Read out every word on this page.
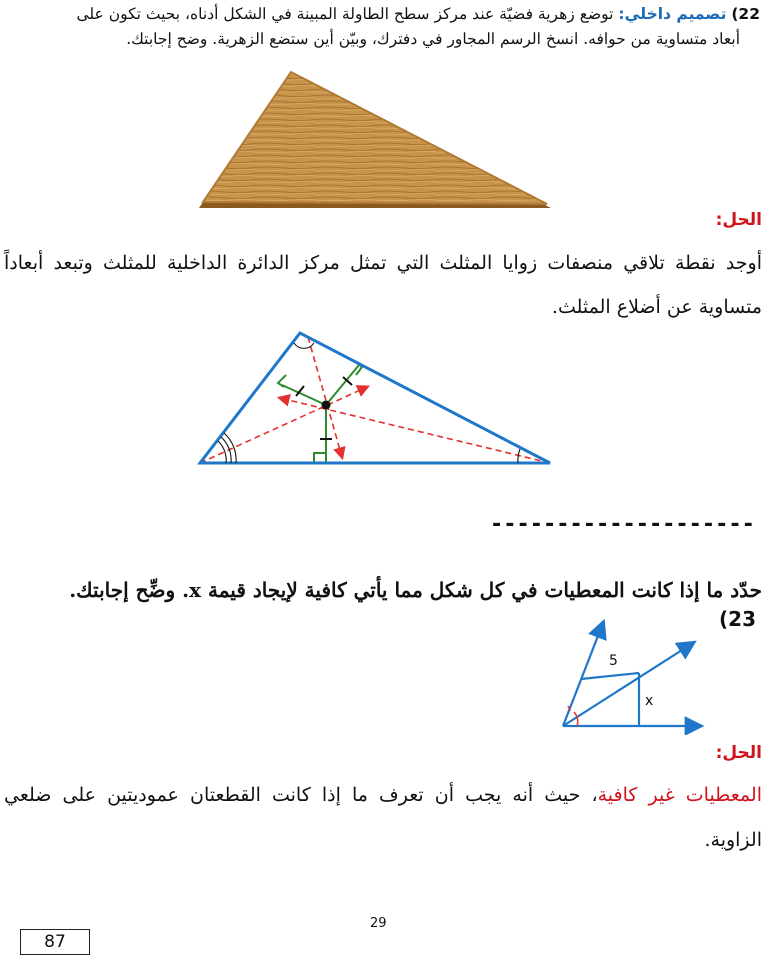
22) تصميم داخلي: توضع زهرية فضيّة عند مركز سطح الطاولة المبينة في الشكل أدناه، بحيث تكون على
أبعاد متساوية من حوافه. انسخ الرسم المجاور في دفترك، وبيّن أين ستضع الزهرية. وضح إجابتك.
الحل:
أوجد نقطة تلاقي منصفات زوايا المثلث التي تمثل مركز الدائرة الداخلية للمثلث وتبعد أبعاداً
متساوية عن أضلاع المثلث.
--------------------
حدّد ما إذا كانت المعطيات في كل شكل مما يأتي كافية لإيجاد قيمة x. وضِّح إجابتك.
(23
5
x
الحل:
المعطيات غير كافية، حيث أنه يجب أن تعرف ما إذا كانت القطعتان عموديتين على ضلعي
الزاوية.
29
87
